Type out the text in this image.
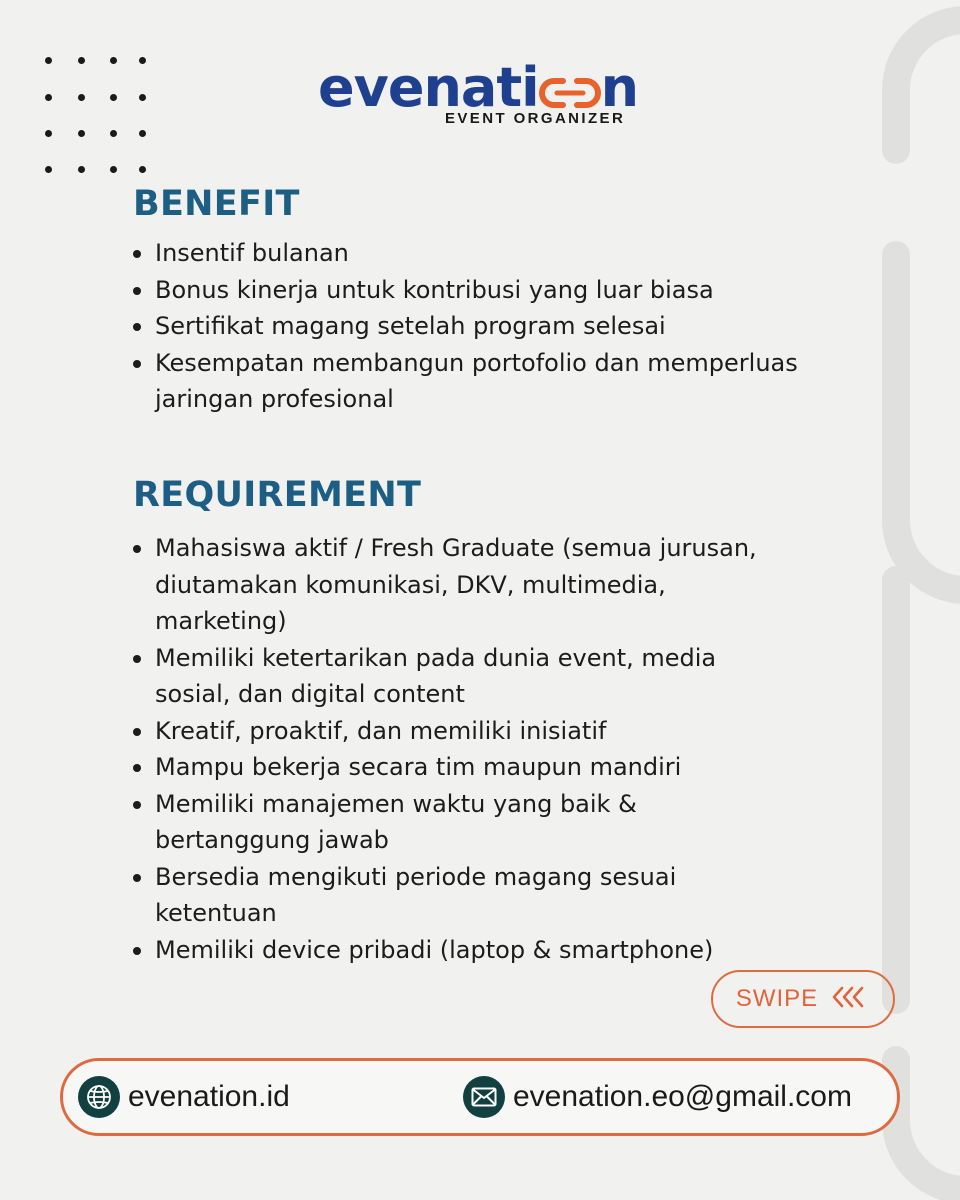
evenati n
EVENT ORGANIZER
BENEFIT
Insentif bulanan
Bonus kinerja untuk kontribusi yang luar biasa
Sertifikat magang setelah program selesai
Kesempatan membangun portofolio dan memperluas jaringan profesional
REQUIREMENT
Mahasiswa aktif / Fresh Graduate (semua jurusan, diutamakan komunikasi, DKV, multimedia, marketing)
Memiliki ketertarikan pada dunia event, media sosial, dan digital content
Kreatif, proaktif, dan memiliki inisiatif
Mampu bekerja secara tim maupun mandiri
Memiliki manajemen waktu yang baik & bertanggung jawab
Bersedia mengikuti periode magang sesuai ketentuan
Memiliki device pribadi (laptop & smartphone)
SWIPE
evenation.id	evenation.eo@gmail.com
